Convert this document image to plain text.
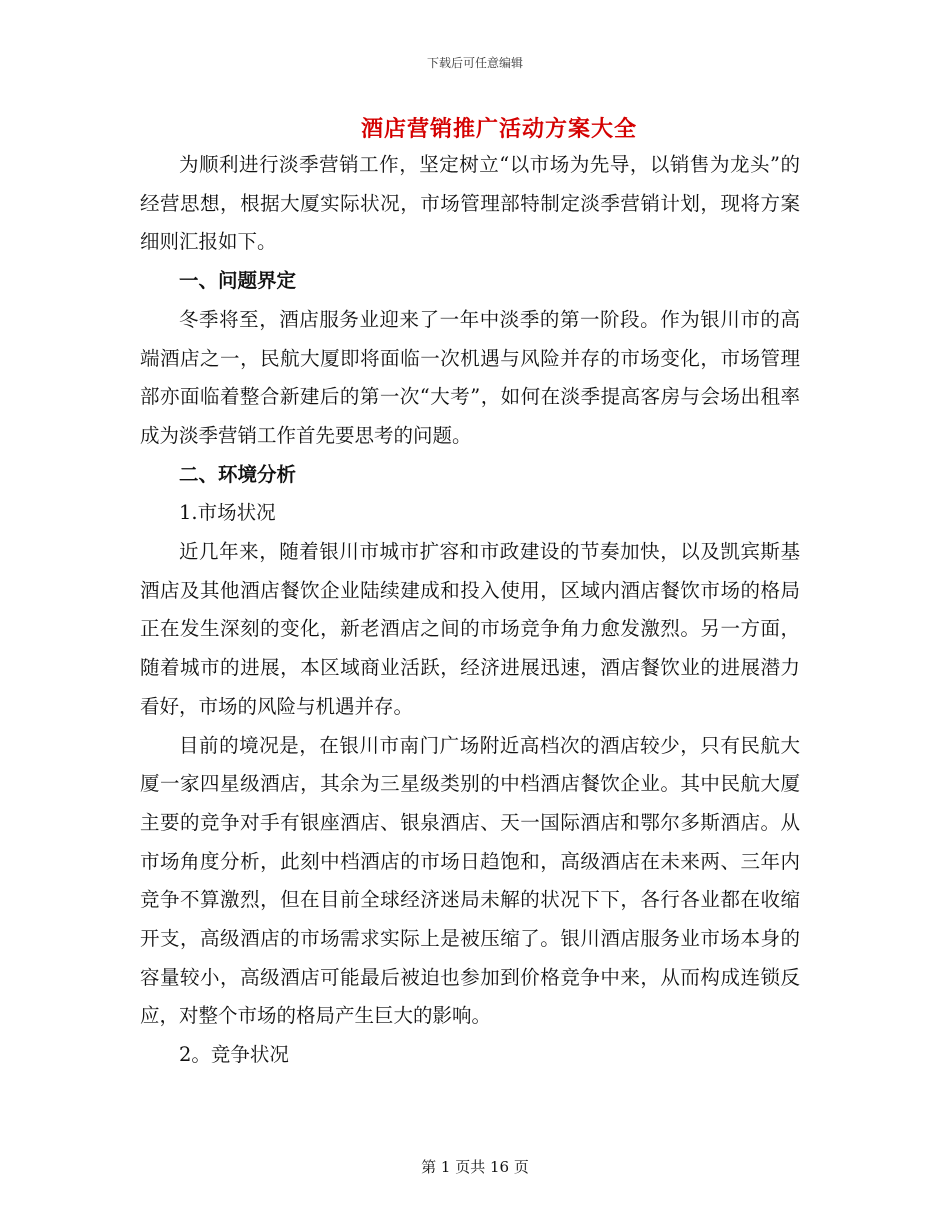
下载后可任意编辑
酒店营销推广活动方案大全

为顺利进行淡季营销工作，坚定树立“以市场为先导，以销售为龙头”的经营思想，根据大厦实际状况，市场管理部特制定淡季营销计划，现将方案细则汇报如下。

一、问题界定

冬季将至，酒店服务业迎来了一年中淡季的第一阶段。作为银川市的高端酒店之一，民航大厦即将面临一次机遇与风险并存的市场变化，市场管理部亦面临着整合新建后的第一次“大考”，如何在淡季提高客房与会场出租率成为淡季营销工作首先要思考的问题。

二、环境分析

1.市场状况

近几年来，随着银川市城市扩容和市政建设的节奏加快，以及凯宾斯基酒店及其他酒店餐饮企业陆续建成和投入使用，区域内酒店餐饮市场的格局正在发生深刻的变化，新老酒店之间的市场竞争角力愈发激烈。另一方面，随着城市的进展，本区域商业活跃，经济进展迅速，酒店餐饮业的进展潜力看好，市场的风险与机遇并存。

目前的境况是，在银川市南门广场附近高档次的酒店较少，只有民航大厦一家四星级酒店，其余为三星级类别的中档酒店餐饮企业。其中民航大厦主要的竞争对手有银座酒店、银泉酒店、天一国际酒店和鄂尔多斯酒店。从市场角度分析，此刻中档酒店的市场日趋饱和，高级酒店在未来两、三年内竞争不算激烈，但在目前全球经济迷局未解的状况下下，各行各业都在收缩开支，高级酒店的市场需求实际上是被压缩了。银川酒店服务业市场本身的容量较小，高级酒店可能最后被迫也参加到价格竞争中来，从而构成连锁反应，对整个市场的格局产生巨大的影响。

2。竞争状况

第 1 页共 16 页
